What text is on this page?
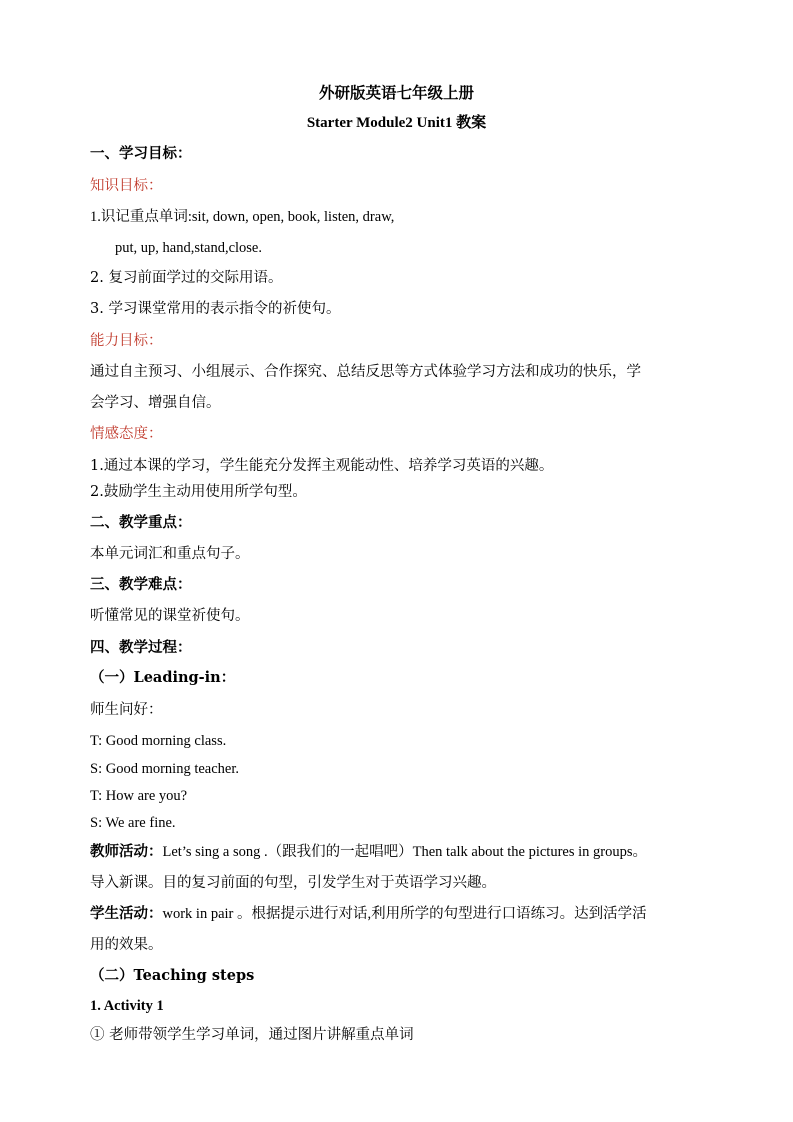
外研版英语七年级上册
Starter Module2 Unit1 教案
一、学习目标：
知识目标：
1.识记重点单词:sit, down, open, book, listen, draw,
put, up, hand,stand,close.
2. 复习前面学过的交际用语。
3. 学习课堂常用的表示指令的祈使句。
能力目标：
通过自主预习、小组展示、合作探究、总结反思等方式体验学习方法和成功的快乐，学
会学习、增强自信。
情感态度：
1.通过本课的学习，学生能充分发挥主观能动性、培养学习英语的兴趣。
2.鼓励学生主动用使用所学句型。
二、教学重点：
本单元词汇和重点句子。
三、教学难点：
听懂常见的课堂祈使句。
四、教学过程：
（一）Leading-in：
师生问好：
T: Good morning class.
S: Good morning teacher.
T: How are you?
S: We are fine.
教师活动：Let’s sing a song .（跟我们的一起唱吧）Then talk about the pictures in groups。
导入新课。目的复习前面的句型，引发学生对于英语学习兴趣。
学生活动：work in pair 。根据提示进行对话,利用所学的句型进行口语练习。达到活学活
用的效果。
（二）Teaching steps
1. Activity 1
① 老师带领学生学习单词，通过图片讲解重点单词
